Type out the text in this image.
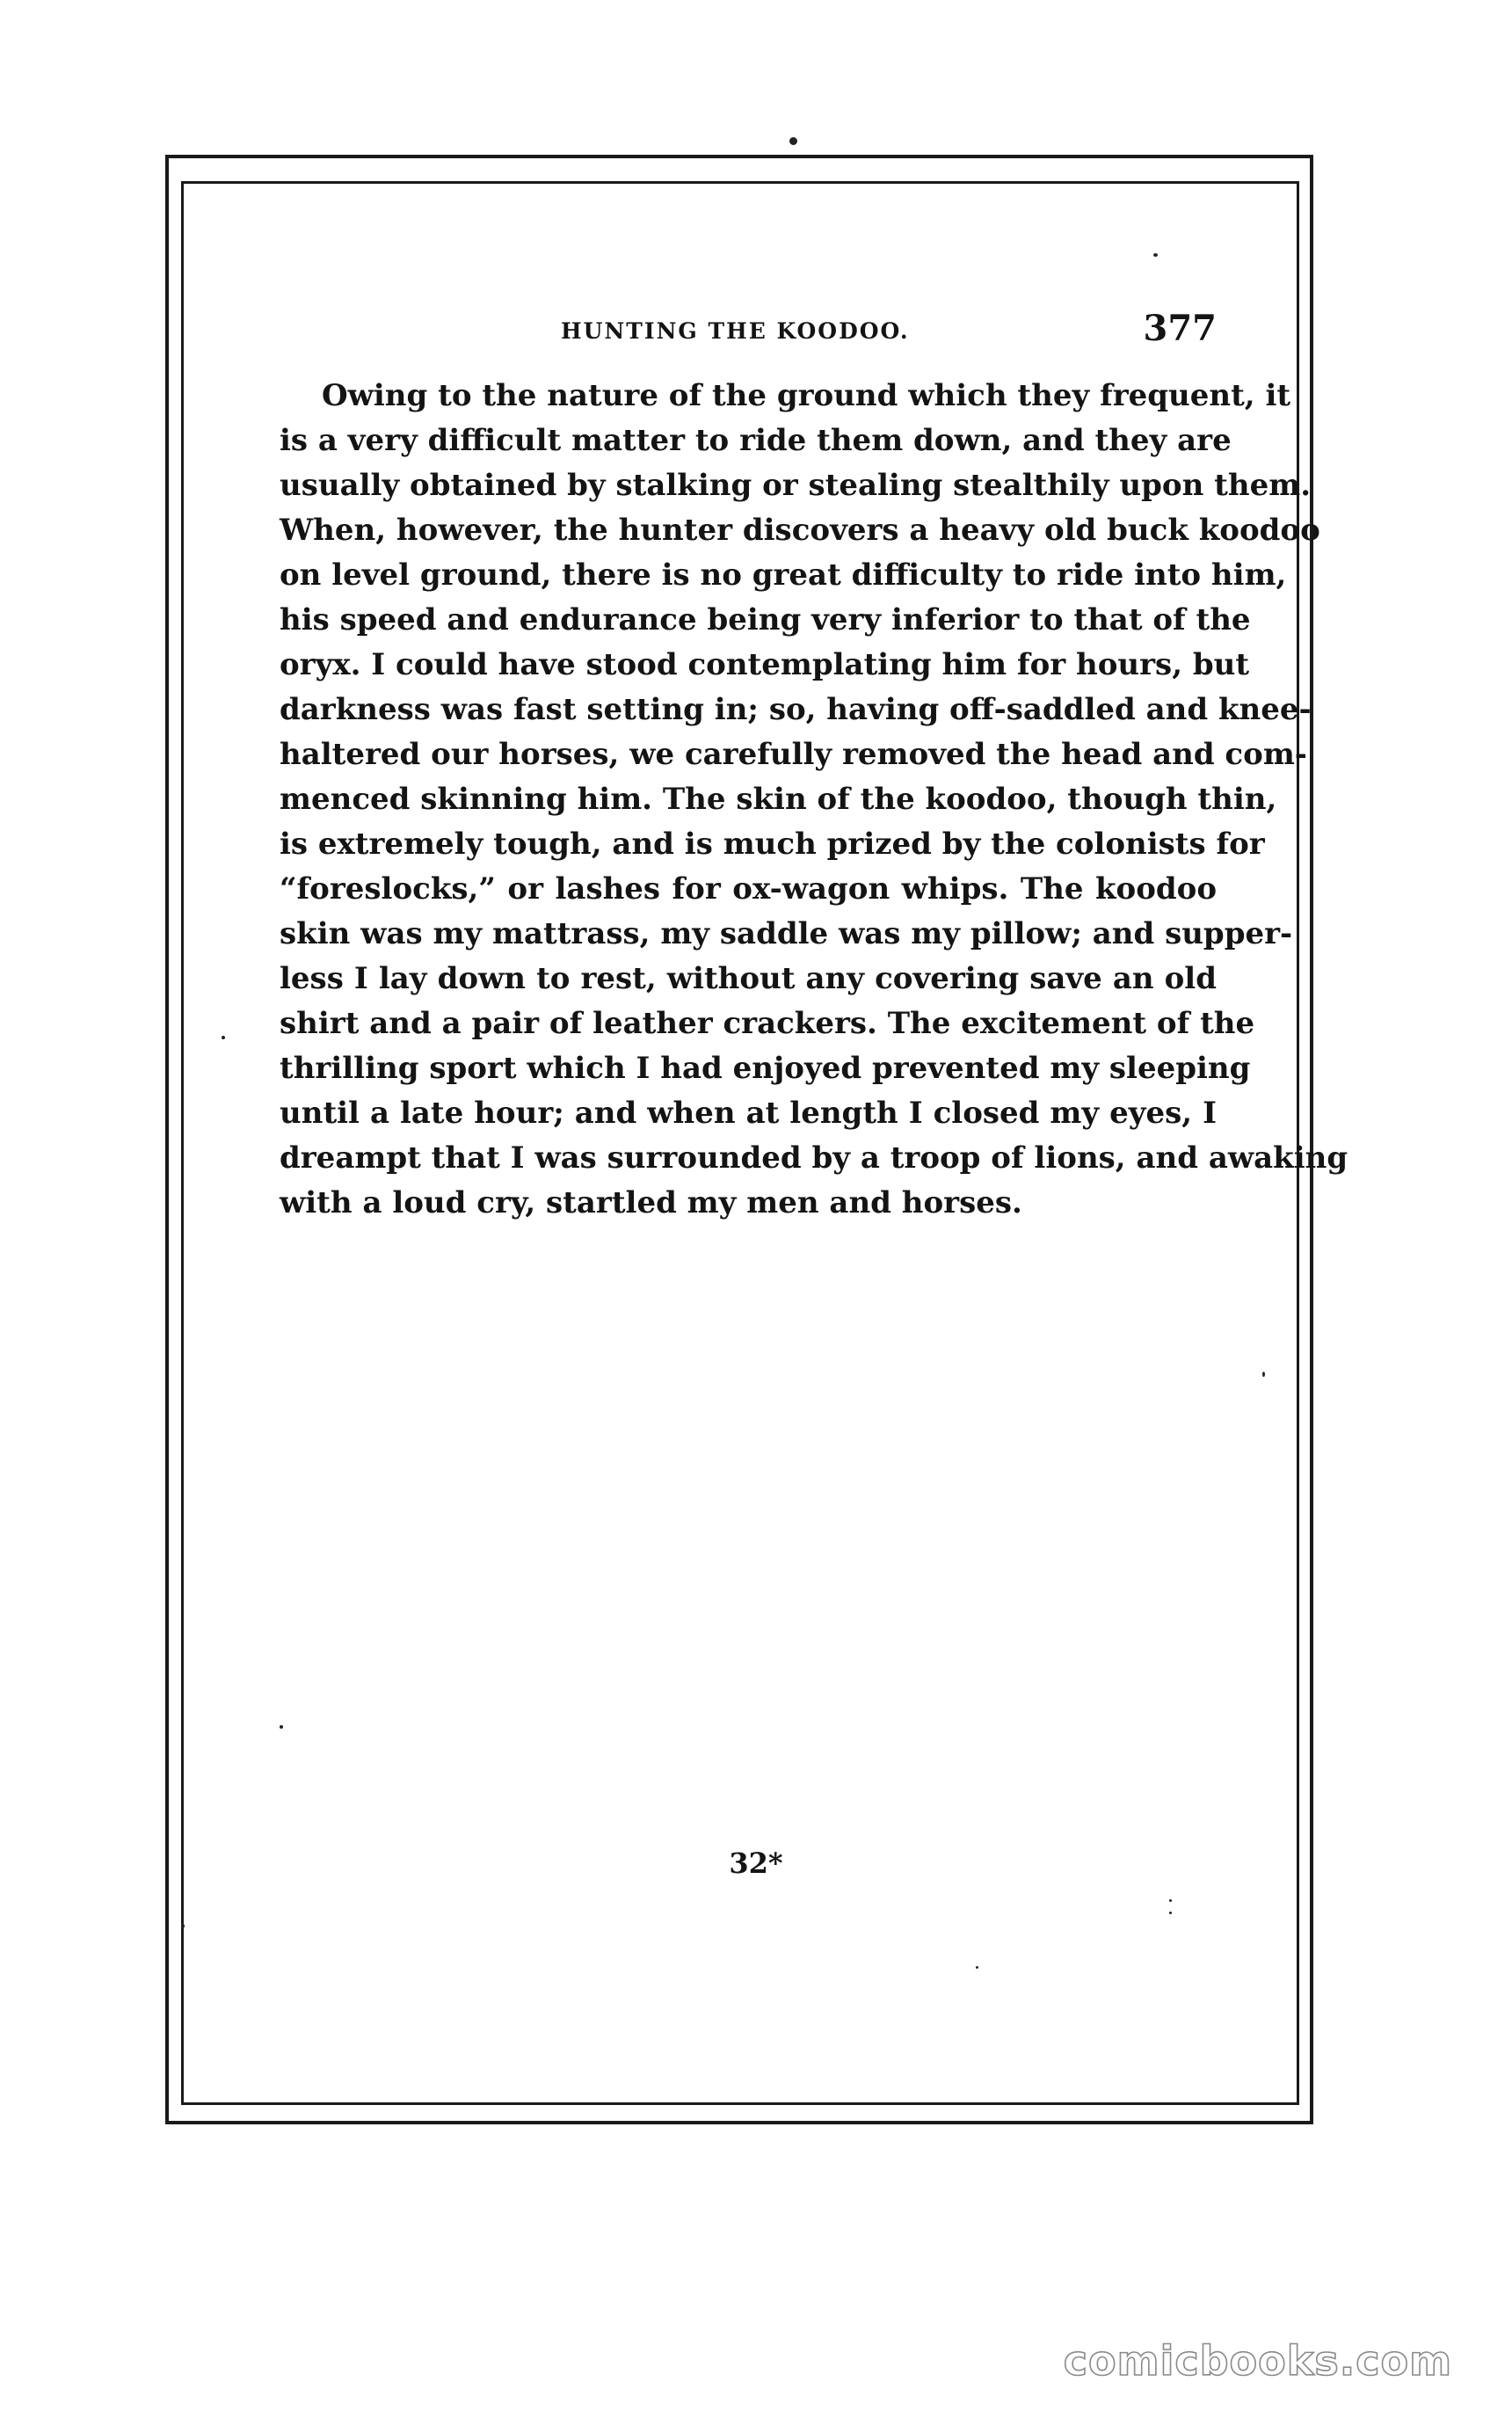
HUNTING THE KOODOO.	377
Owing to the nature of the ground which they frequent, it
is a very difficult matter to ride them down, and they are
usually obtained by stalking or stealing stealthily upon them.
When, however, the hunter discovers a heavy old buck koodoo
on level ground, there is no great difficulty to ride into him,
his speed and endurance being very inferior to that of the
oryx. I could have stood contemplating him for hours, but
darkness was fast setting in; so, having off-saddled and knee-
haltered our horses, we carefully removed the head and com-
menced skinning him. The skin of the koodoo, though thin,
is extremely tough, and is much prized by the colonists for
“foreslocks,” or lashes for ox-wagon whips. The koodoo
skin was my mattrass, my saddle was my pillow; and supper-
less I lay down to rest, without any covering save an old
shirt and a pair of leather crackers. The excitement of the
thrilling sport which I had enjoyed prevented my sleeping
until a late hour; and when at length I closed my eyes, I
dreampt that I was surrounded by a troop of lions, and awaking
with a loud cry, startled my men and horses.
32*
comicbooks.com
